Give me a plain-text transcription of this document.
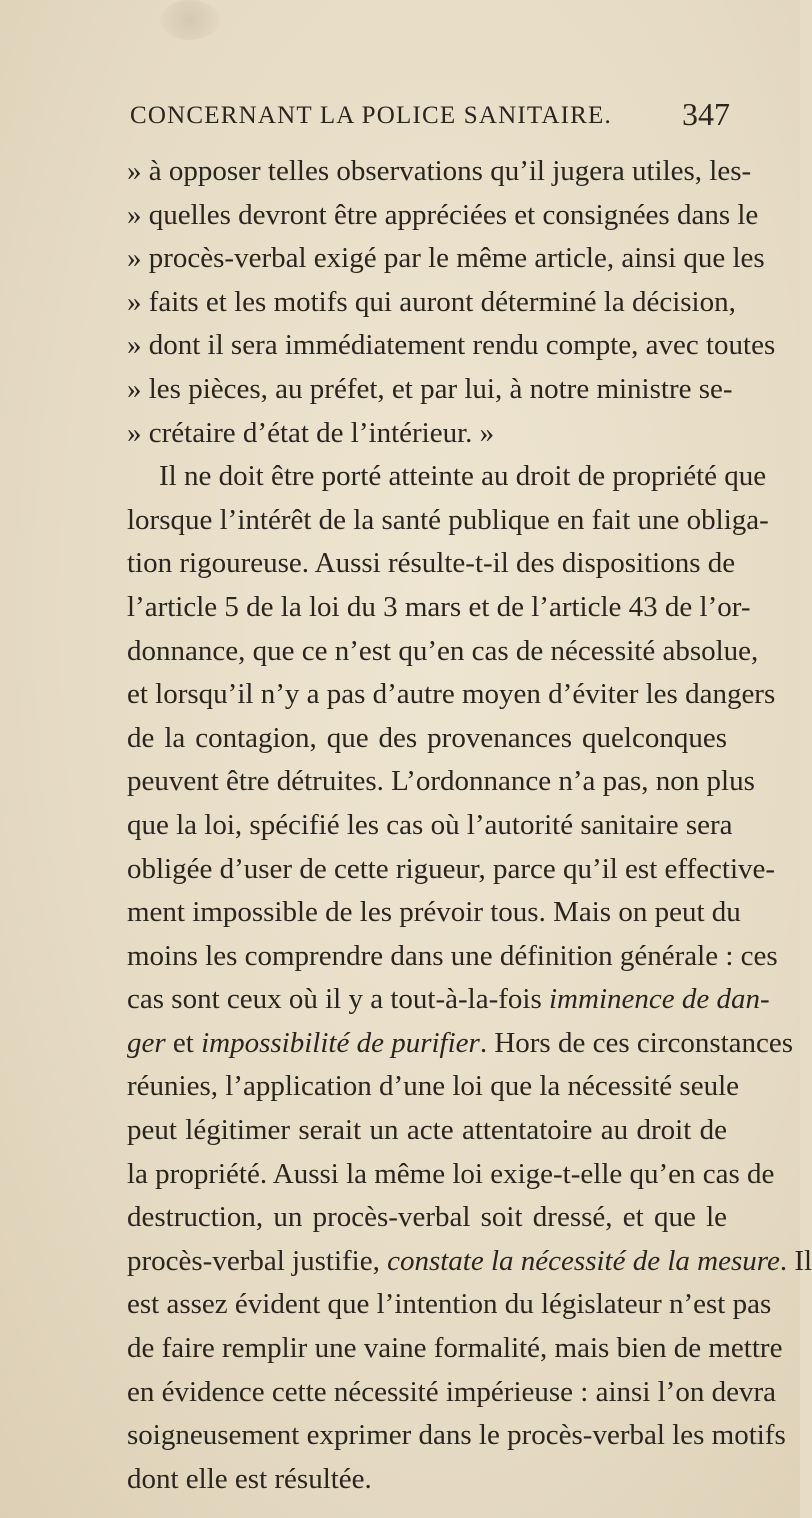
CONCERNANT LA POLICE SANITAIRE. 347
» à opposer telles observations qu’il jugera utiles, les-
» quelles devront être appréciées et consignées dans le
» procès-verbal exigé par le même article, ainsi que les
» faits et les motifs qui auront déterminé la décision,
» dont il sera immédiatement rendu compte, avec toutes
» les pièces, au préfet, et par lui, à notre ministre se-
» crétaire d’état de l’intérieur. »
Il ne doit être porté atteinte au droit de propriété que
lorsque l’intérêt de la santé publique en fait une obliga-
tion rigoureuse. Aussi résulte-t-il des dispositions de
l’article 5 de la loi du 3 mars et de l’article 43 de l’or-
donnance, que ce n’est qu’en cas de nécessité absolue,
et lorsqu’il n’y a pas d’autre moyen d’éviter les dangers
de la contagion, que des provenances quelconques
peuvent être détruites. L’ordonnance n’a pas, non plus
que la loi, spécifié les cas où l’autorité sanitaire sera
obligée d’user de cette rigueur, parce qu’il est effective-
ment impossible de les prévoir tous. Mais on peut du
moins les comprendre dans une définition générale : ces
cas sont ceux où il y a tout-à-la-fois imminence de dan-
ger et impossibilité de purifier. Hors de ces circonstances
réunies, l’application d’une loi que la nécessité seule
peut légitimer serait un acte attentatoire au droit de
la propriété. Aussi la même loi exige-t-elle qu’en cas de
destruction, un procès-verbal soit dressé, et que le
procès-verbal justifie, constate la nécessité de la mesure. Il
est assez évident que l’intention du législateur n’est pas
de faire remplir une vaine formalité, mais bien de mettre
en évidence cette nécessité impérieuse : ainsi l’on devra
soigneusement exprimer dans le procès-verbal les motifs
dont elle est résultée.
